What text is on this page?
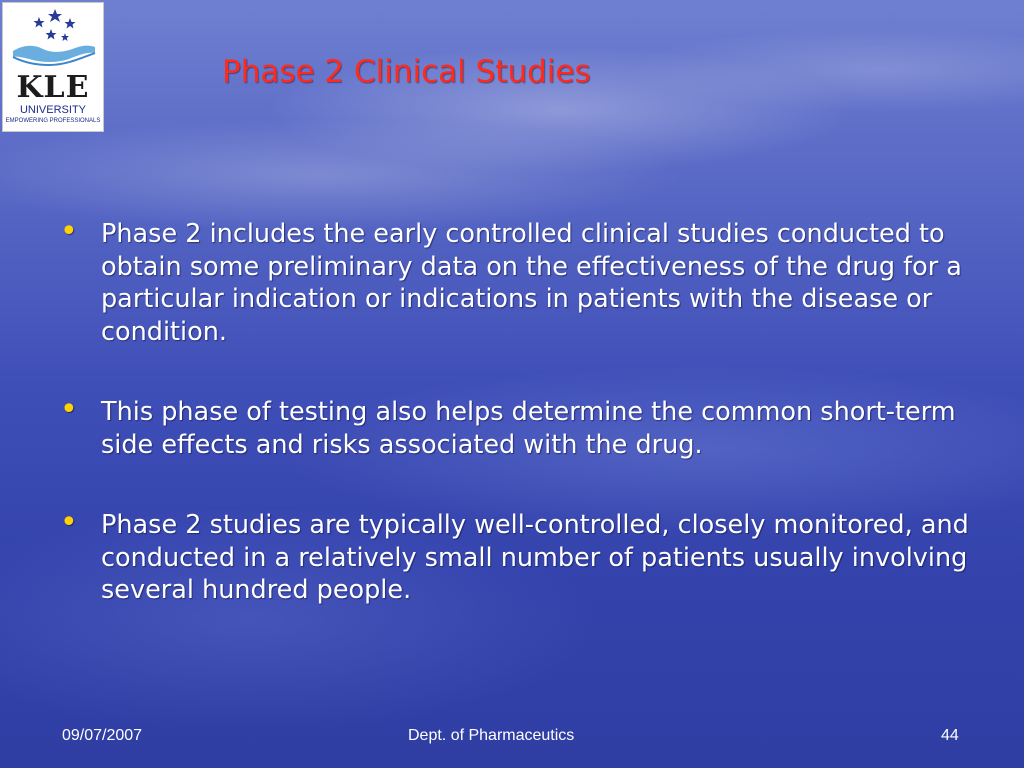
KLE
UNIVERSITY
EMPOWERING PROFESSIONALS
Phase 2 Clinical Studies
• Phase 2 includes the early controlled clinical studies conducted to obtain some preliminary data on the effectiveness of the drug for a particular indication or indications in patients with the disease or condition.
• This phase of testing also helps determine the common short-term side effects and risks associated with the drug.
• Phase 2 studies are typically well-controlled, closely monitored, and conducted in a relatively small number of patients usually involving several hundred people.
09/07/2007	Dept. of Pharmaceutics	44
